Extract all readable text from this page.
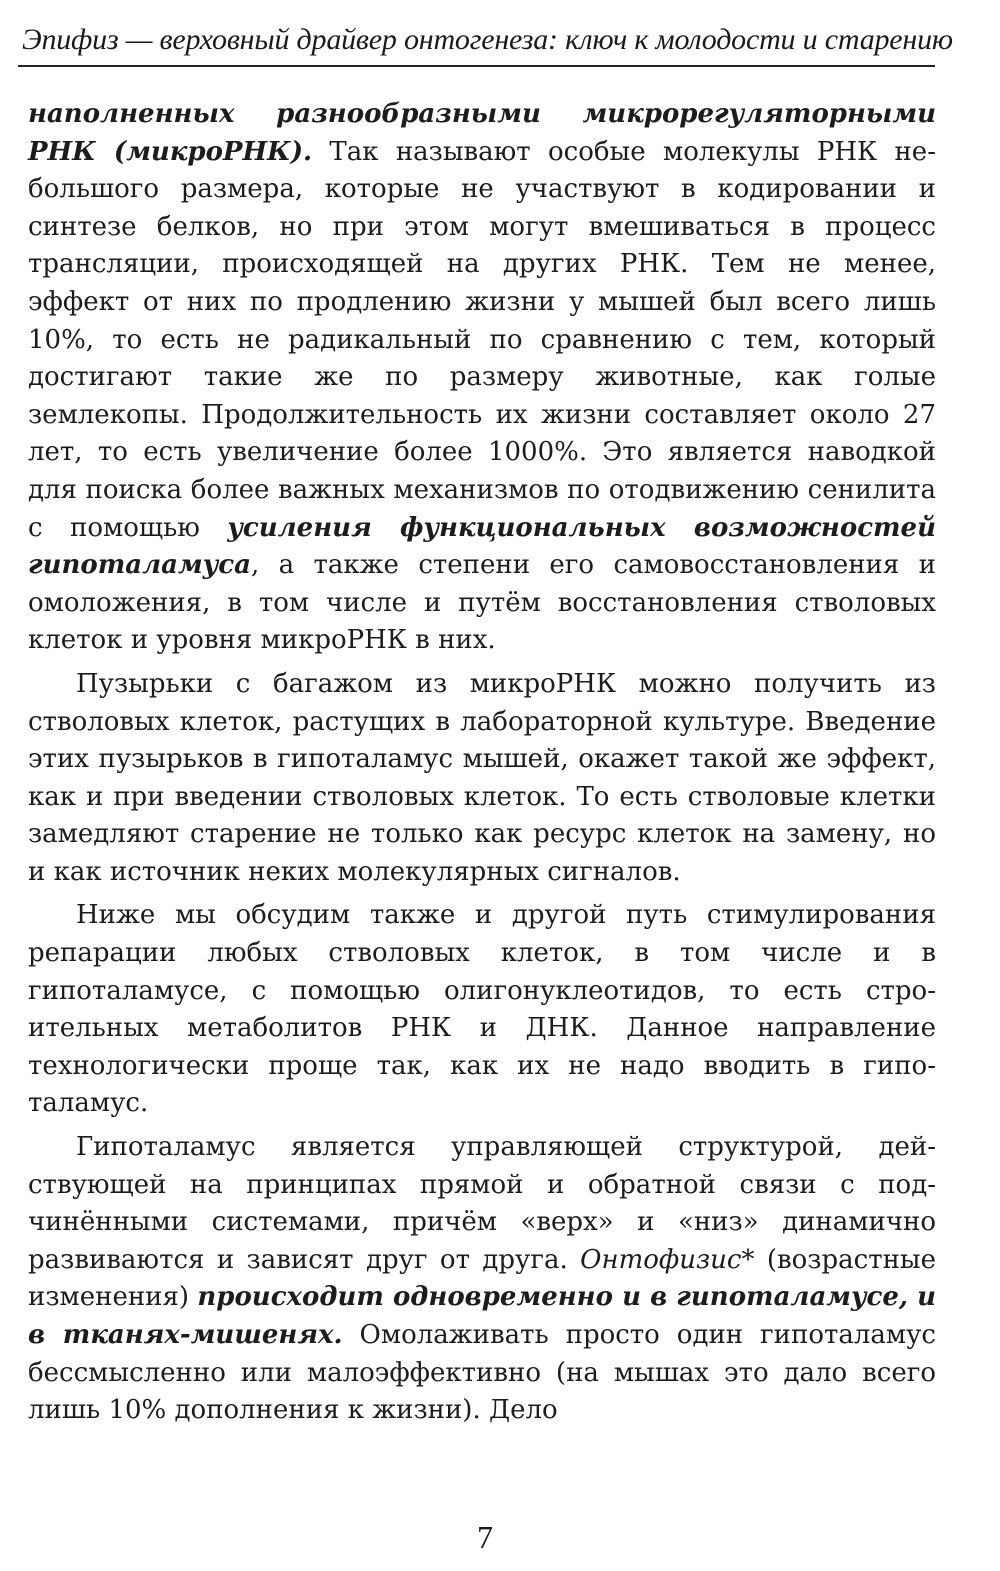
Эпифиз — верховный драйвер онтогенеза: ключ к молодости и старению

наполненных разнообразными микрорегуляторными РНК (микроРНК). Так называют особые молекулы РНК небольшого размера, которые не участвуют в кодировании и синтезе белков, но при этом могут вмешиваться в процесс трансляции, происходящей на других РНК. Тем не менее, эффект от них по продлению жизни у мышей был всего лишь 10%, то есть не радикальный по сравнению с тем, который достигают такие же по размеру животные, как голые землекопы. Продолжительность их жизни составляет около 27 лет, то есть увеличение более 1000%. Это является наводкой для поиска более важных механизмов по отодвижению сенилита с помощью усиления функциональных возможностей гипоталамуса, а также степени его самовосстановления и омоложения, в том числе и путём восстановления стволовых клеток и уровня микроРНК в них.

Пузырьки с багажом из микроРНК можно получить из стволовых клеток, растущих в лабораторной культуре. Введение этих пузырьков в гипоталамус мышей, окажет такой же эффект, как и при введении стволовых клеток. То есть стволовые клетки замедляют старение не только как ресурс клеток на замену, но и как источник неких молекулярных сигналов.

Ниже мы обсудим также и другой путь стимулирования репарации любых стволовых клеток, в том числе и в гипоталамусе, с помощью олигонуклеотидов, то есть строительных метаболитов РНК и ДНК. Данное направление технологически проще так, как их не надо вводить в гипоталамус.

Гипоталамус является управляющей структурой, действующей на принципах прямой и обратной связи с подчинёнными системами, причём «верх» и «низ» динамично развиваются и зависят друг от друга. Онтофизис* (возрастные изменения) происходит одновременно и в гипоталамусе, и в тканях-мишенях. Омолаживать просто один гипоталамус бессмысленно или малоэффективно (на мышах это дало всего лишь 10% дополнения к жизни). Дело

7
